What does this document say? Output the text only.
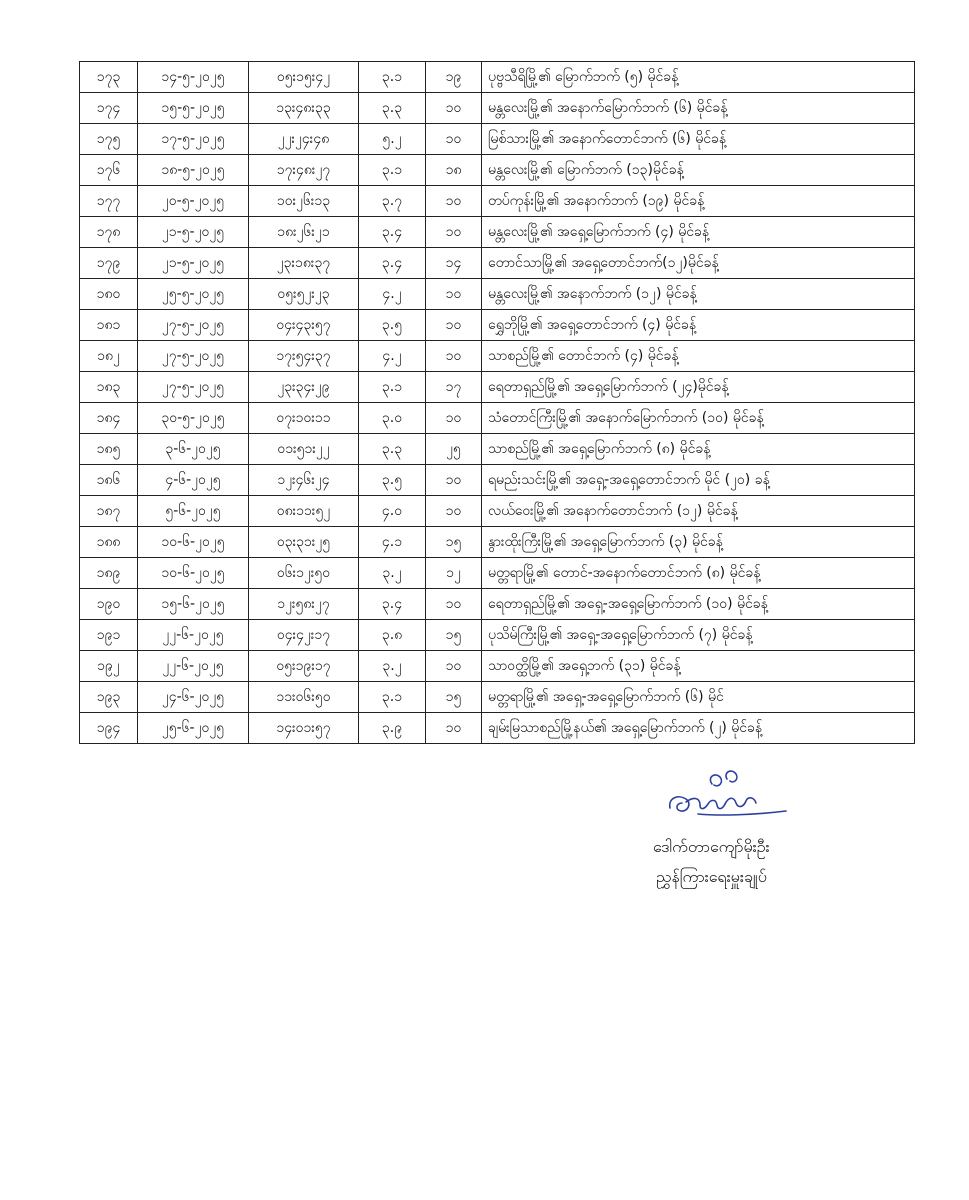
၁၇၃	၁၄-၅-၂၀၂၅	၀၅း၁၅း၄၂	၃.၁	၁၉	ပုဗ္ဗသီရိမြို့၏ မြောက်ဘက် (၅) မိုင်ခန့်
၁၇၄	၁၅-၅-၂၀၂၅	၁၃း၄၈း၃၃	၃.၃	၁၀	မန္တလေးမြို့၏ အနောက်မြောက်ဘက် (၆) မိုင်ခန့်
၁၇၅	၁၇-၅-၂၀၂၅	၂၂း၂၄း၄၈	၅.၂	၁၀	မြစ်သားမြို့၏ အနောက်တောင်ဘက် (၆) မိုင်ခန့်
၁၇၆	၁၈-၅-၂၀၂၅	၁၇း၄၈း၂၇	၃.၁	၁၈	မန္တလေးမြို့၏ မြောက်ဘက် (၁၃)မိုင်ခန့်
၁၇၇	၂၀-၅-၂၀၂၅	၁၀း၂၆း၁၃	၃.၇	၁၀	တပ်ကုန်းမြို့၏ အနောက်ဘက် (၁၉) မိုင်ခန့်
၁၇၈	၂၁-၅-၂၀၂၅	၁၈း၂၆း၂၁	၃.၄	၁၀	မန္တလေးမြို့၏ အရှေ့မြောက်ဘက် (၄) မိုင်ခန့်
၁၇၉	၂၁-၅-၂၀၂၅	၂၃း၁၈း၃၇	၃.၄	၁၄	တောင်သာမြို့၏ အရှေ့တောင်ဘက်(၁၂)မိုင်ခန့်
၁၈၀	၂၅-၅-၂၀၂၅	၀၅း၅၂း၂၃	၄.၂	၁၀	မန္တလေးမြို့၏ အနောက်ဘက် (၁၂) မိုင်ခန့်
၁၈၁	၂၇-၅-၂၀၂၅	၀၄း၄၃း၅၇	၃.၅	၁၀	ရွှေဘိုမြို့၏ အရှေ့တောင်ဘက် (၄) မိုင်ခန့်
၁၈၂	၂၇-၅-၂၀၂၅	၁၇း၅၄း၃၇	၄.၂	၁၀	သာစည်မြို့၏ တောင်ဘက် (၄) မိုင်ခန့်
၁၈၃	၂၇-၅-၂၀၂၅	၂၃း၃၄း၂၉	၃.၁	၁၇	ရေတာရှည်မြို့၏ အရှေ့မြောက်ဘက် (၂၄)မိုင်ခန့်
၁၈၄	၃၀-၅-၂၀၂၅	၀၇း၁၀း၁၁	၃.၀	၁၀	သံတောင်ကြီးမြို့၏ အနောက်မြောက်ဘက် (၁၀) မိုင်ခန့်
၁၈၅	၃-၆-၂၀၂၅	၀၁း၅၁း၂၂	၃.၃	၂၅	သာစည်မြို့၏ အရှေ့မြောက်ဘက် (၈) မိုင်ခန့်
၁၈၆	၄-၆-၂၀၂၅	၁၂း၄၆း၂၄	၃.၅	၁၀	ရမည်းသင်းမြို့၏ အရှေ့-အရှေ့တောင်ဘက် မိုင် (၂၀) ခန့်
၁၈၇	၅-၆-၂၀၂၅	၀၈း၁၁း၅၂	၄.၀	၁၀	လယ်ဝေးမြို့၏ အနောက်တောင်ဘက် (၁၂) မိုင်ခန့်
၁၈၈	၁၀-၆-၂၀၂၅	၀၃း၃၁း၂၅	၄.၁	၁၅	နွားထိုးကြီးမြို့၏ အရှေ့မြောက်ဘက် (၃) မိုင်ခန့်
၁၈၉	၁၀-၆-၂၀၂၅	၀၆း၁၂း၅၀	၃.၂	၁၂	မတ္တရာမြို့၏ တောင်-အနောက်တောင်ဘက် (၈) မိုင်ခန့်
၁၉၀	၁၅-၆-၂၀၂၅	၁၂း၅၈း၂၇	၃.၄	၁၀	ရေတာရှည်မြို့၏ အရှေ့-အရှေ့မြောက်ဘက် (၁၀) မိုင်ခန့်
၁၉၁	၂၂-၆-၂၀၂၅	၀၄း၄၂း၁၇	၃.၈	၁၅	ပုသိမ်ကြီးမြို့၏ အရှေ့-အရှေ့မြောက်ဘက် (၇) မိုင်ခန့်
၁၉၂	၂၂-၆-၂၀၂၅	၀၅း၁၉း၁၇	၃.၂	၁၀	သာဝတ္ထိမြို့၏ အရှေ့ဘက် (၃၁) မိုင်ခန့်
၁၉၃	၂၄-၆-၂၀၂၅	၁၁း၀၆း၅၀	၃.၁	၁၅	မတ္တရာမြို့၏ အရှေ့-အရှေ့မြောက်ဘက် (၆) မိုင်
၁၉၄	၂၅-၆-၂၀၂၅	၁၄း၀၁း၅၇	၃.၉	၁၀	ချမ်းမြသာစည်မြို့နယ်၏ အရှေ့မြောက်ဘက် (၂) မိုင်ခန့်
ဒေါက်တာကျော်မိုးဦး
ညွှန်ကြားရေးမှူးချုပ်
